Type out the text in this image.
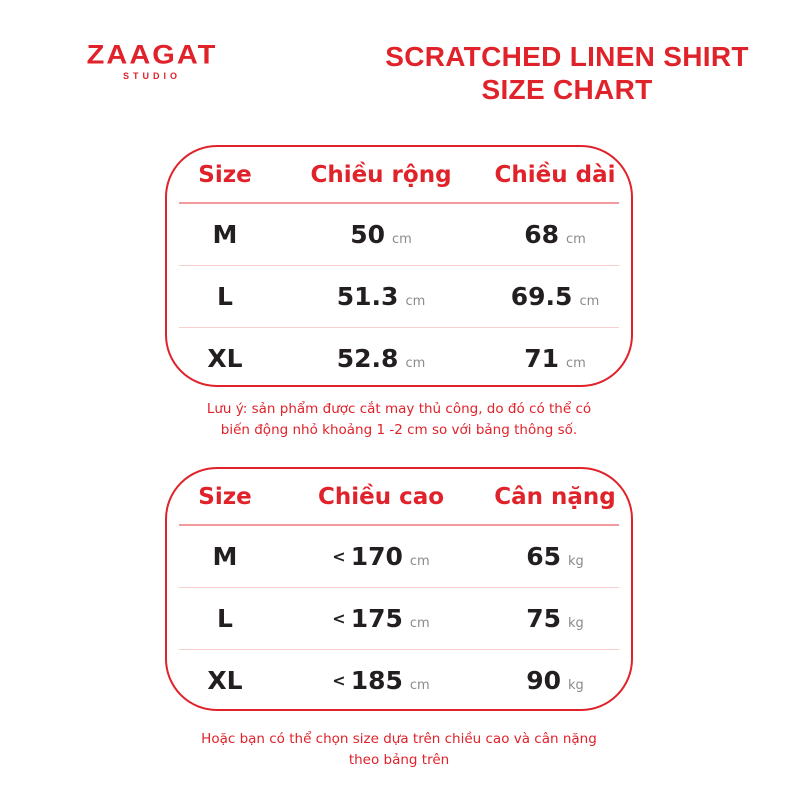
ZAAGAT
STUDIO
SCRATCHED LINEN SHIRT
SIZE CHART
Size	Chiều rộng	Chiều dài
M	50 cm	68 cm
L	51.3 cm	69.5 cm
XL	52.8 cm	71 cm
Lưu ý: sản phẩm được cắt may thủ công, do đó có thể có
biến động nhỏ khoảng 1 -2 cm so với bảng thông số.
Size	Chiều cao	Cân nặng
M	< 170 cm	65 kg
L	< 175 cm	75 kg
XL	< 185 cm	90 kg
Hoặc bạn có thể chọn size dựa trên chiều cao và cân nặng
theo bảng trên
